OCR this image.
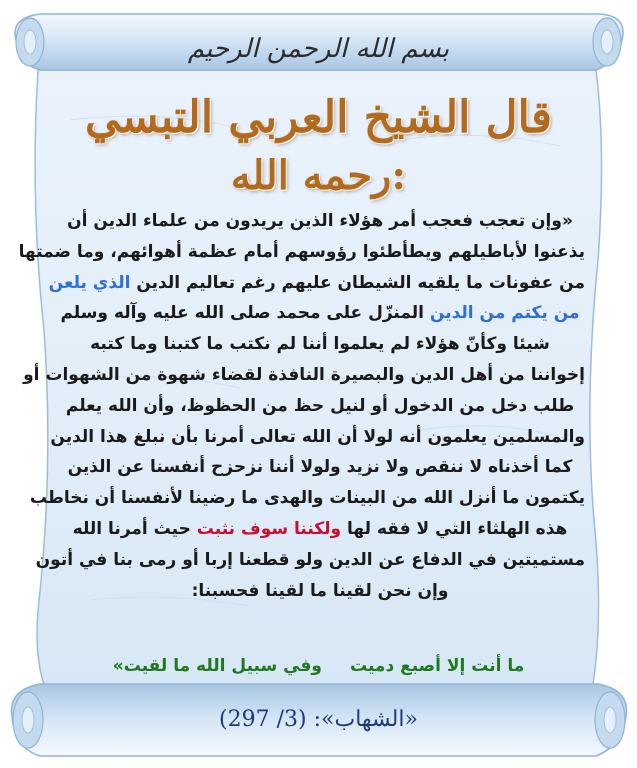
بسم الله الرحمن الرحيم
قال الشيخ العربي التبسي
رحمه الله:
«وإن تعجب فعجب أمر هؤلاء الذين يريدون من علماء الدين أن
يذعنوا لأباطيلهم ويطأطئوا رؤوسهم أمام عظمة أهوائهم، وما ضمتها
من عفونات ما يلقيه الشيطان عليهم رغم تعاليم الدين الذي يلعن
من يكتم من الدين المنزّل على محمد صلى الله عليه وآله وسلم
شيئا وكأنّ هؤلاء لم يعلموا أننا لم نكتب ما كتبنا وما كتبه
إخواننا من أهل الدين والبصيرة النافذة لقضاء شهوة من الشهوات أو
طلب دخل من الدخول أو لنيل حظ من الحظوظ، وأن الله يعلم
والمسلمين يعلمون أنه لولا أن الله تعالى أمرنا بأن نبلغ هذا الدين
كما أخذناه لا ننقص ولا نزيد ولولا أننا نزحزح أنفسنا عن الذين
يكتمون ما أنزل الله من البينات والهدى ما رضينا لأنفسنا أن نخاطب
هذه الهلثاء التي لا فقه لها ولكننا سوف نثبت حيث أمرنا الله
مستميتين في الدفاع عن الدين ولو قطعنا إربا أو رمى بنا في أتون
وإن نحن لقينا ما لقينا فحسبنا:
ما أنت إلا أصبع دميتوفي سبيل الله ما لقيت»
«الشهاب»: (3/ 297)
